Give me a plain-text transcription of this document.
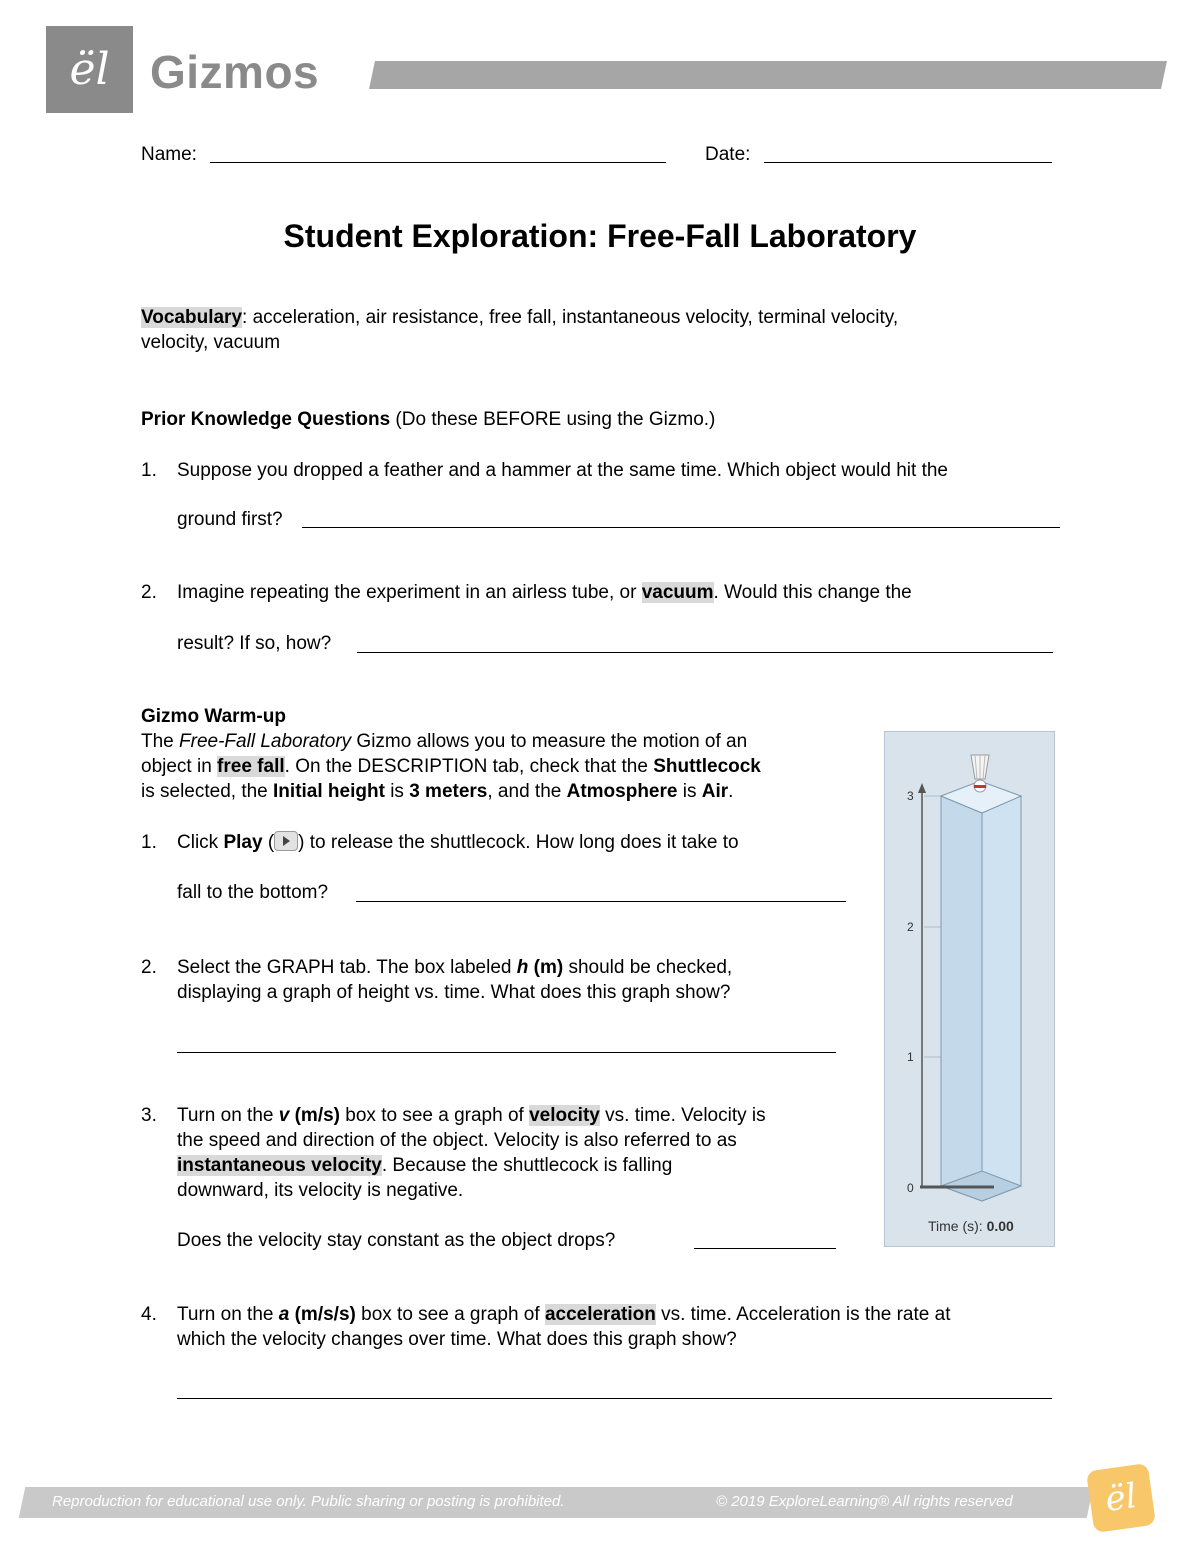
ël Gizmos
Name:	Date:
Student Exploration: Free-Fall Laboratory
Vocabulary: acceleration, air resistance, free fall, instantaneous velocity, terminal velocity,
velocity, vacuum
Prior Knowledge Questions (Do these BEFORE using the Gizmo.)
1. Suppose you dropped a feather and a hammer at the same time. Which object would hit the
ground first?
2. Imagine repeating the experiment in an airless tube, or vacuum. Would this change the
result? If so, how?
Gizmo Warm-up
The Free-Fall Laboratory Gizmo allows you to measure the motion of an
object in free fall. On the DESCRIPTION tab, check that the Shuttlecock
is selected, the Initial height is 3 meters, and the Atmosphere is Air.
1. Click Play ( ) to release the shuttlecock. How long does it take to
fall to the bottom?
2. Select the GRAPH tab. The box labeled h (m) should be checked,
displaying a graph of height vs. time. What does this graph show?
3. Turn on the v (m/s) box to see a graph of velocity vs. time. Velocity is
the speed and direction of the object. Velocity is also referred to as
instantaneous velocity. Because the shuttlecock is falling
downward, its velocity is negative.
Does the velocity stay constant as the object drops?
4. Turn on the a (m/s/s) box to see a graph of acceleration vs. time. Acceleration is the rate at
which the velocity changes over time. What does this graph show?
3
2
1
0
Time (s): 0.00
Reproduction for educational use only. Public sharing or posting is prohibited.	© 2019 ExploreLearning® All rights reserved	ël
